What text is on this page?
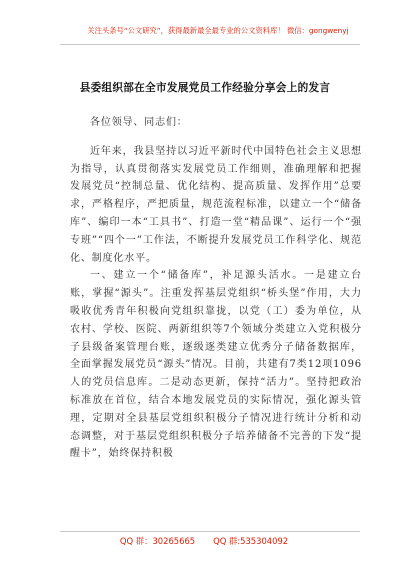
关注头条号“公文研究”，获得最新最全最专业的公文资料库！ 微信：gongwenyj
县委组织部在全市发展党员工作经验分享会上的发言

各位领导、同志们：

近年来，我县坚持以习近平新时代中国特色社会主义思想为指导，认真贯彻落实发展党员工作细则，准确理解和把握发展党员“控制总量、优化结构、提高质量、发挥作用”总要求，严格程序，严把质量，规范流程标准，以建立一个“储备库”、编印一本“工具书”、打造一堂“精品课”、运行一个“强专班”“四个一”工作法，不断提升发展党员工作科学化、规范化、制度化水平。

一、建立一个“储备库”，补足源头活水。一是建立台账，掌握“源头”。注重发挥基层党组织“桥头堡”作用，大力吸收优秀青年积极向党组织靠拢，以党（工）委为单位，从农村、学校、医院、两新组织等7个领域分类建立入党积极分子县级备案管理台账，逐级逐类建立优秀分子储备数据库，全面掌握发展党员“源头”情况。目前，共建有7类12项1096人的党员信息库。二是动态更新，保持“活力”。坚持把政治标准放在首位，结合本地发展党员的实际情况，强化源头管理，定期对全县基层党组织积极分子情况进行统计分析和动态调整，对于基层党组织积极分子培养储备不完善的下发“提醒卡”，始终保持积极

QQ 群：30265665 QQ 群:535304092
